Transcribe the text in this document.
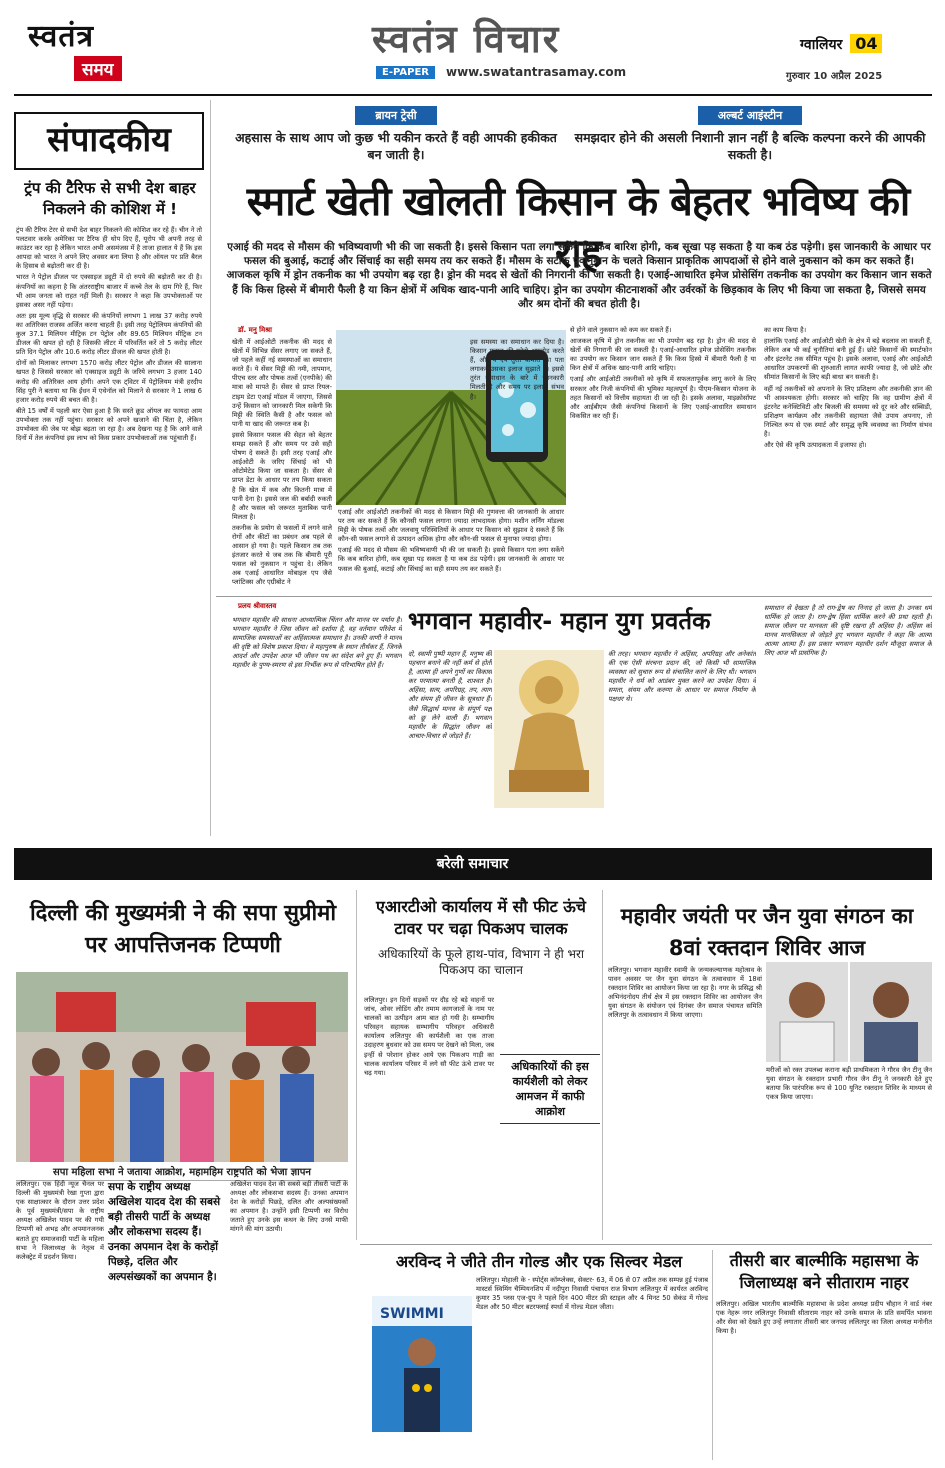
स्वतंत्र
समय
स्वतंत्र विचार
E-PAPER	www.swatantrasamay.com
ग्वालियर 04
गुरुवार 10 अप्रैल 2025
संपादकीय
ट्रंप की टैरिफ से सभी देश बाहर निकलने की कोशिश में !

ट्रंप की टैरिफ टेरर से सभी देश बाहर निकलने की कोशिश कर रहे हैं। चीन ने तो पलटवार करके अमेरिका पर टैरिफ ही थोप दिए हैं, यूरोप भी अपनी तरह से काउंटर कर रहा है लेकिन भारत अभी असमंजस में है ताजा हालात ये हैं कि इस आपदा को भारत ने अपने लिए अवसर बना लिया है और ऑयल पर प्रति बैरल के हिसाब से बढ़ोतरी कर दी है।

भारत ने पेट्रोल डीजल पर एक्साइज ड्यूटी में दो रुपये की बढ़ोतरी कर दी है। कंपनियों का कहना है कि अंतरराष्ट्रीय बाजार में कच्चे तेल के दाम गिरे हैं, फिर भी आम जनता को राहत नहीं मिली है। सरकार ने कहा कि उपभोक्ताओं पर इसका असर नहीं पड़ेगा।

अतः इस मूल्य वृद्धि से सरकार की कंपनियों लगभग 1 लाख 37 करोड़ रुपये का अतिरिक्त राजस्व अर्जित करना चाहती हैं। इसी तरह पेट्रोलियम कंपनियों की कुल 37.1 मिलियन मीट्रिक टन पेट्रोल और 89.65 मिलियन मीट्रिक टन डीजल की खपत हो रही है जिसकी लीटर में परिवर्तित करें तो 5 करोड़ लीटर प्रति दिन पेट्रोल और 10.6 करोड़ लीटर डीजल की खपत होती है।

दोनों को मिलाकर लगभग 1570 करोड़ लीटर पेट्रोल और डीजल की सालाना खपत है जिससे सरकार को एक्साइज ड्यूटी के जरिये लगभग 3 हजार 140 करोड़ की अतिरिक्त आय होगी। अपने एक ट्विटर में पेट्रोलियम मंत्री हरदीप सिंह पुरी ने बताया था कि ईंधन में एथेनॉल को मिलाने से सरकार ने 1 लाख 6 हजार करोड़ रुपये की बचत की है।

बीते 15 वर्षों में पहली बार ऐसा हुआ है कि सस्ते क्रूड ऑयल का फायदा आम उपभोक्ता तक नहीं पहुंचा। सरकार को अपने खजाने की चिंता है, लेकिन उपभोक्ता की जेब पर बोझ बढ़ता जा रहा है। अब देखना यह है कि आने वाले दिनों में तेल कंपनियां इस लाभ को किस प्रकार उपभोक्ताओं तक पहुंचाती हैं।

ब्रायन ट्रेसी
अहसास के साथ आप जो कुछ भी यकीन करते हैं वही आपकी हकीकत बन जाती है।
अल्बर्ट आइंस्टीन
समझदार होने की असली निशानी ज्ञान नहीं है बल्कि कल्पना करने की आपकी सकती है।
स्मार्ट खेती खोलती किसान के बेहतर भविष्य की राह
एआई की मदद से मौसम की भविष्यवाणी भी की जा सकती है। इससे किसान पता लगा सकेंगे कि कब बारिश होगी, कब सूखा पड़ सकता है या कब ठंड पड़ेगी। इस जानकारी के आधार पर फसल की बुआई, कटाई और सिंचाई का सही समय तय कर सकते हैं। मौसम के सटीक पूर्वानुमान के चलते किसान प्राकृतिक आपदाओं से होने वाले नुकसान को कम कर सकते हैं। आजकल कृषि में ड्रोन तकनीक का भी उपयोग बढ़ रहा है। ड्रोन की मदद से खेतों की निगरानी की जा सकती है। एआई-आधारित इमेज प्रोसेसिंग तकनीक का उपयोग कर किसान जान सकते हैं कि किस हिस्से में बीमारी फैली है या किन क्षेत्रों में अधिक खाद-पानी आदि चाहिए। ड्रोन का उपयोग कीटनाशकों और उर्वरकों के छिड़काव के लिए भी किया जा सकता है, जिससे समय और श्रम दोनों की बचत होती है।
डॉ. मनु मिश्रा

खेती में आईओटी तकनीक की मदद से खेतों में विभिन्न सेंसर लगाए जा सकते हैं, जो पहले कहीं नई समस्याओं का समाधान करते हैं। ये सेंसर मिट्टी की नमी, तापमान, पीएच स्तर और पोषक तत्वों (एनपीके) की मात्रा को मापते हैं। सेंसर से प्राप्त रियल-टाइम डेटा एआई मॉडल में जाएगा, जिससे उन्हें किसान को जानकारी मिल सकेगी कि मिट्टी की स्थिति कैसी है और फसल को पानी या खाद की जरूरत कब है।

इससे किसान फसल की सेहत को बेहतर समझ सकते हैं और समय पर उसे सही पोषण दे सकते हैं। इसी तरह एआई और आईओटी के जरिए सिंचाई को भी ऑटोमेटेड किया जा सकता है। सेंसर से प्राप्त डेटा के आधार पर तय किया सकता है कि खेत में कब और कितनी मात्रा में पानी देना है। इससे जल की बर्बादी रुकती है और फसल को जरूरत मुताबिक पानी मिलता है।

तकनीक के प्रयोग से फसलों में लगने वाले रोगों और कीटों का प्रबंधन अब पहले से आसान हो गया है। पहले किसान तब तक इंतजार करते थे जब तक कि बीमारी पूरी फसल को नुकसान न पहुंचा दे। लेकिन अब एआई आधारित मोबाइल एप जैसे प्लांटिक्स और एग्रीबोट ने

एआई और आईओटी तकनीकों की मदद से किसान मिट्टी की गुणवत्ता की जानकारी के आधार पर तय कर सकते हैं कि कौनसी फसल लगाना ज्यादा लाभदायक होगा। मशीन लर्निंग मॉडल्स मिट्टी के पोषक तत्वों और जलवायु परिस्थितियों के आधार पर किसान को सुझाव दे सकते हैं कि कौन-सी फसल लगाने से उत्पादन अधिक होगा और कौन-सी फसल से मुनाफा ज्यादा होगा।

एआई की मदद से मौसम की भविष्यवाणी भी की जा सकती है। इससे किसान पता लगा सकेंगे कि कब बारिश होगी, कब सूखा पड़ सकता है या कब ठंड पड़ेगी। इस जानकारी के आधार पर फसल की बुआई, कटाई और सिंचाई का सही समय तय कर सकते हैं।

इस समस्या का समाधान कर दिया है। किसान फसल की फोटो अपलोड करते हैं, और ये ऐप तुरंत बीमारी का पता लगाकर उसका इलाज सुझाते हैं। इससे तुरंत समाधान के बारे में जानकारी मिलती है और समय पर इलाज संभव है।

से होने वाले नुकसान को कम कर सकते हैं।

आजकल कृषि में ड्रोन तकनीक का भी उपयोग बढ़ रहा है। ड्रोन की मदद से खेतों की निगरानी की जा सकती है। एआई-आधारित इमेज प्रोसेसिंग तकनीक का उपयोग कर किसान जान सकते हैं कि किस हिस्से में बीमारी फैली है या किन क्षेत्रों में अधिक खाद-पानी आदि चाहिए।

एआई और आईओटी तकनीकों को कृषि में सफलतापूर्वक लागू करने के लिए सरकार और निजी कंपनियों की भूमिका महत्वपूर्ण है। पीएम-किसान योजना के तहत किसानों को वित्तीय सहायता दी जा रही है। इसके अलावा, माइक्रोसॉफ्ट और आईबीएम जैसी कंपनियां किसानों के लिए एआई-आधारित समाधान विकसित कर रही हैं।

का काम किया है।

हालांकि एआई और आईओटी खेती के क्षेत्र में बड़े बदलाव ला सकती हैं, लेकिन अब भी कई चुनौतियां बनी हुई हैं। छोटे किसानों की स्मार्टफोन और इंटरनेट तक सीमित पहुंच है। इसके अलावा, एआई और आईओटी आधारित उपकरणों की शुरुआती लागत काफी ज्यादा है, जो छोटे और सीमांत किसानों के लिए बड़ी बाधा बन सकती है।

वहीं नई तकनीकों को अपनाने के लिए प्रशिक्षण और तकनीकी ज्ञान की भी आवश्यकता होगी। सरकार को चाहिए कि वह ग्रामीण क्षेत्रों में इंटरनेट कनेक्टिविटी और बिजली की समस्या को दूर करे और सब्सिडी, प्रशिक्षण कार्यक्रम और तकनीकी सहायता जैसे उपाय अपनाए, तो निश्चित रूप से एक स्मार्ट और समृद्ध कृषि व्यवस्था का निर्माण संभव है।

और ऐसे की कृषि उत्पादकता में इजाफा हो।

प्रलय श्रीवास्तव
भगवान महावीर- महान युग प्रवर्तक
भगवान महावीर की साधना आध्यात्मिक चिंतन और मानव पर पर्याय है। भगवान महावीर ने जिस जीवन को दर्शाया है, वह वर्तमान परिवेश में सामाजिक समस्याओं का अहिंसात्मक समाधान है। उनकी वाणी ने मानव की दृष्टि को विशेष प्रकाश दिया। वे महापुरुष के स्थान तीर्थंकर हैं, जिनके आदर्श और उपदेश आज भी जीवन पथ का संदेश बने हुए हैं। भगवान महावीर के पुण्य-स्मरण से इस निर्भीक रूप से परिभाषित होते हैं।
दो, स्वामी पुष्पी महान हैं, मनुष्य की पहचान बनाने की नहीं कर्म से होती है, आत्मा ही अपने गुणों का विकास कर परमात्मा बनती है, शाश्वत है। अहिंसा, सत्य, अपरिग्रह, तप, त्याग और संयम ही जीवन के सूत्रधार हैं। जैसे सिद्धार्थ मानव के संपूर्ण पक्ष को छू लेने वाली हैं। भगवान महावीर के सिद्धांत जीवन को आचार-विचार से जोड़ते हैं।
की तरह। भगवान महावीर ने अहिंसा, अपरिग्रह और अनेकांत की एक ऐसी संरचना प्रदान की, जो किसी भी सामाजिक व्यवस्था को सुचारु रूप से संचालित करने के लिए थी। भगवान महावीर ने धर्म को आडंबर मुक्त करने का उपदेश दिया। वे समता, संयम और करुणा के आधार पर समाज निर्माण के पक्षधर थे।
समाधान से देखता है तो राग-द्वेष का निनाद हो जाता है। उनका धर्म धार्मिक हो जाता है। राग-द्वेष हिंसा धार्मिक करने की प्रथा रहती है। समाज जीवन पर मानवता की दृष्टि रखना ही अहिंसा है। अहिंसा को मानव मानसिकता से जोड़ते हुए भगवान महावीर ने कहा कि आत्मा आत्मा आत्मा हैं। इस प्रकार भगवान महावीर दर्शन मौजूदा समाज के लिए आज भी प्रासंगिक है।
बरेली समाचार
दिल्ली की मुख्यमंत्री ने की सपा सुप्रीमो पर आपत्तिजनक टिप्पणी
सपा महिला सभा ने जताया आक्रोश, महामहिम राष्ट्रपति को भेजा ज्ञापन
ललितपुर। एक हिंदी न्यूज चैनल पर दिल्ली की मुख्यमंत्री रेखा गुप्ता द्वारा एक साक्षात्कार के दौरान उत्तर प्रदेश के पूर्व मुख्यमंत्री/सपा के राष्ट्रीय अध्यक्ष अखिलेश यादव पर की गयी टिप्पणी को अभद्र और अपमानजनक बताते हुए समाजवादी पार्टी के महिला सभा ने जिलाध्यक्ष के नेतृत्व में कलेक्ट्रेट में प्रदर्शन किया।
सपा के राष्ट्रीय अध्यक्ष अखिलेश यादव देश की सबसे बड़ी तीसरी पार्टी के अध्यक्ष और लोकसभा सदस्य हैं। उनका अपमान देश के करोड़ों पिछड़े, दलित और अल्पसंख्यकों का अपमान है।
अखिलेश यादव देश की सबसे बड़ी तीसरी पार्टी के अध्यक्ष और लोकसभा सदस्य हैं। उनका अपमान देश के करोड़ों पिछड़े, दलित और अल्पसंख्यकों का अपमान है। उन्होंने इसी टिप्पणी का विरोध जताते हुए उनके इस कथन के लिए उनसे माफी मांगने की मांग उठायी।
एआरटीओ कार्यालय में सौ फीट ऊंचे टावर पर चढ़ा पिकअप चालक
अधिकारियों के फूले हाथ-पांव, विभाग ने ही भरा पिकअप का चालान
ललितपुर। इन दिनों सड़कों पर दौड़ रहे बड़े वाहनों पर जांच, ओवर लोडिंग और तमाम कागजातों के नाम पर चालकों का उत्पीड़न आम बात हो गयी है। सम्भागीय परिवहन सहायक सम्भागीय परिवहन अधिकारी कार्यालय ललितपुर की कार्यशैली का एक ताजा उदाहरण बुधवार को उस समय पर देखने को मिला, जब इन्हीं से परेशान होकर आये एक पिकअप गाड़ी का चालक कार्यालय परिसर में लगे सौ फीट ऊंचे टावर पर चढ़ गया।	अधिकारियों की इस कार्यशैली को लेकर आमजन में काफी आक्रोश
महावीर जयंती पर जैन युवा संगठन का 8वां रक्तदान शिविर आज
ललितपुर। भगवान महावीर स्वामी के जन्मकल्याणक महोत्सव के पावन अवसर पर जैन युवा संगठन के तत्वावधान में 18वां रक्तदान शिविर का आयोजन किया जा रहा है। नगर के प्रसिद्ध श्री अभिनंदनोदय तीर्थ क्षेत्र में इस रक्तदान शिविर का आयोजन जैन युवा संगठन के संयोजन एवं दिगंबर जैन समाज पंचायत समिति ललितपुर के तत्वावधान में किया जाएगा।
मरीजों को रक्त उपलब्ध कराना बड़ी प्राथमिकता ने गौरव जैन टीनू जैन युवा संगठन के रक्तदान प्रभारी गौरव जैन टीनू ने जनकारी देते हुए बताया कि पारंपरिक रूप से 100 यूनिट रक्तदान शिविर के माध्यम से एकत्र किया जाएगा।
अरविन्द ने जीते तीन गोल्ड और एक सिल्वर मेडल
SWIMMI
ललितपुर। मोहाली के - स्पोर्ट्स कॉम्प्लेक्स, सेक्टर- 63, में 06 से 07 अप्रैल तक सम्पन्न हुई पंजाब मास्टर्स स्विमिंग चैम्पियनशिप में नदीपुरा निवासी पंचायत राज विभाग ललितपुर में कार्यरत अरविन्द कुमार 35 प्लस एज-ग्रुप ने पहले दिन 400 मीटर फ्री स्टाइल और 4 मिनट 50 सेकंड में गोल्ड मेडल और 50 मीटर बटरफ्लाई स्पर्धा में गोल्ड मेडल जीता।
तीसरी बार बाल्मीकि महासभा के जिलाध्यक्ष बने सीताराम नाहर
ललितपुर। अखिल भारतीय बाल्मीकि महासभा के प्रदेश अध्यक्ष प्रदीप चौहान ने वार्ड नंबर एक नेहरू नगर ललितपुर निवासी सीताराम नाहर को उनके समाज के प्रति समर्पित भावना और सेवा को देखते हुए उन्हें लगातार तीसरी बार जनपद ललितपुर का जिला अध्यक्ष मनोनीत किया है।
